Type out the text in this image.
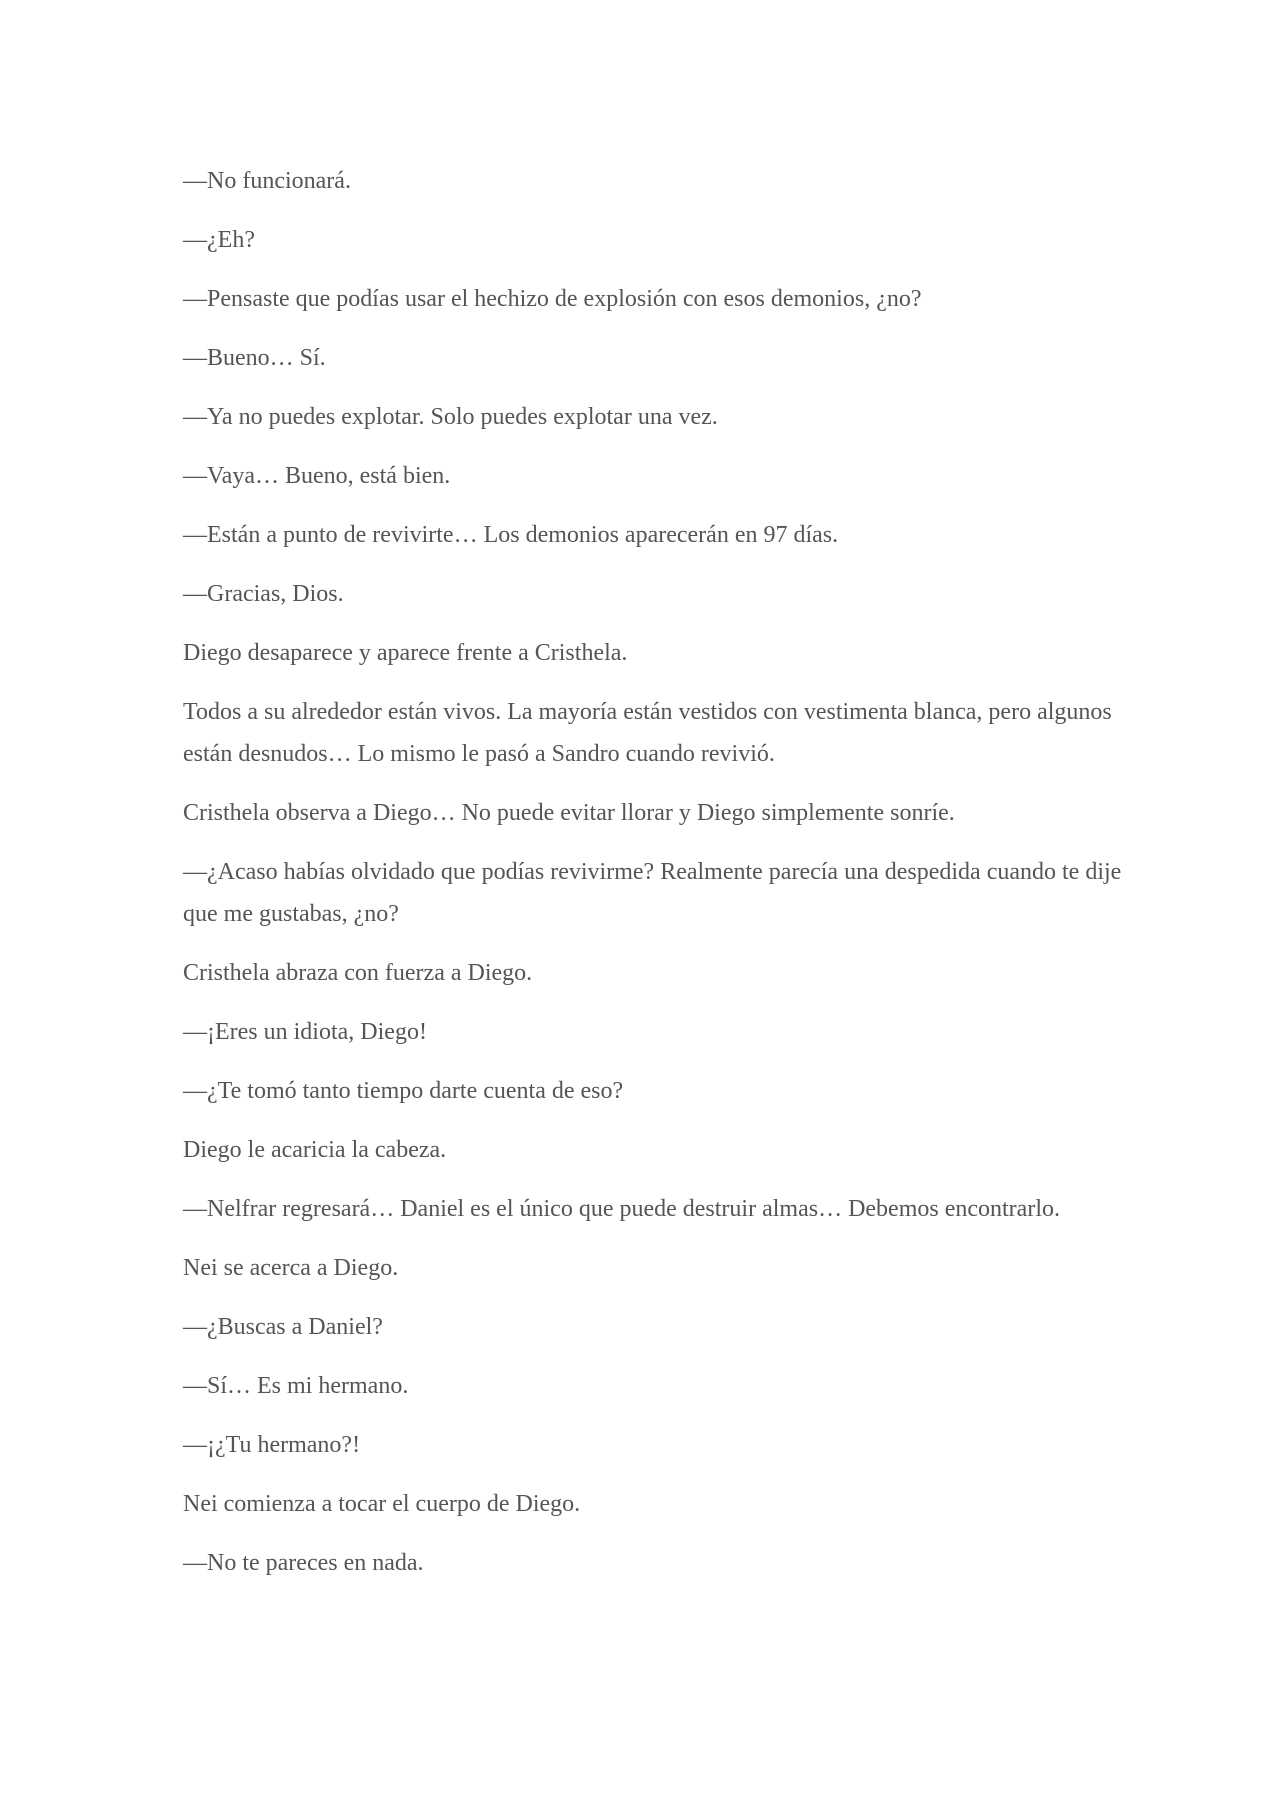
—No funcionará.

—¿Eh?

—Pensaste que podías usar el hechizo de explosión con esos demonios, ¿no?

—Bueno… Sí.

—Ya no puedes explotar. Solo puedes explotar una vez.

—Vaya… Bueno, está bien.

—Están a punto de revivirte… Los demonios aparecerán en 97 días.

—Gracias, Dios.

Diego desaparece y aparece frente a Cristhela.

Todos a su alrededor están vivos. La mayoría están vestidos con vestimenta blanca, pero algunos están desnudos… Lo mismo le pasó a Sandro cuando revivió.

Cristhela observa a Diego… No puede evitar llorar y Diego simplemente sonríe.

—¿Acaso habías olvidado que podías revivirme? Realmente parecía una despedida cuando te dije que me gustabas, ¿no?

Cristhela abraza con fuerza a Diego.

—¡Eres un idiota, Diego!

—¿Te tomó tanto tiempo darte cuenta de eso?

Diego le acaricia la cabeza.

—Nelfrar regresará… Daniel es el único que puede destruir almas… Debemos encontrarlo.

Nei se acerca a Diego.

—¿Buscas a Daniel?

—Sí… Es mi hermano.

—¡¿Tu hermano?!

Nei comienza a tocar el cuerpo de Diego.

—No te pareces en nada.
